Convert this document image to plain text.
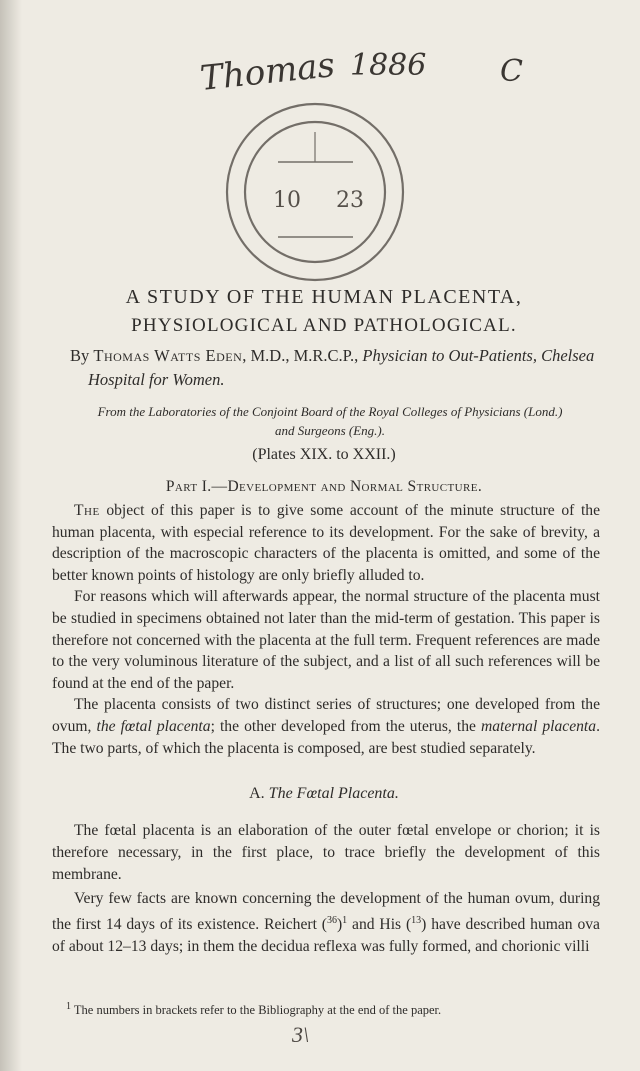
Thomas 1886 C
10 23
A STUDY OF THE HUMAN PLACENTA,
PHYSIOLOGICAL AND PATHOLOGICAL.
By Thomas Watts Eden, M.D., M.R.C.P., Physician to Out-Patients, Chelsea Hospital for Women.
From the Laboratories of the Conjoint Board of the Royal Colleges of Physicians (Lond.) and Surgeons (Eng.).
(Plates XIX. to XXII.)
Part I.—Development and Normal Structure.

The object of this paper is to give some account of the minute structure of the human placenta, with especial reference to its development. For the sake of brevity, a description of the macroscopic characters of the placenta is omitted, and some of the better known points of histology are only briefly alluded to.

For reasons which will afterwards appear, the normal structure of the placenta must be studied in specimens obtained not later than the mid-term of gestation. This paper is therefore not concerned with the placenta at the full term. Frequent references are made to the very voluminous literature of the subject, and a list of all such references will be found at the end of the paper.

The placenta consists of two distinct series of structures; one developed from the ovum, the fœtal placenta; the other developed from the uterus, the maternal placenta. The two parts, of which the placenta is composed, are best studied separately.

A. The Fœtal Placenta.

The fœtal placenta is an elaboration of the outer fœtal envelope or chorion; it is therefore necessary, in the first place, to trace briefly the development of this membrane.

Very few facts are known concerning the development of the human ovum, during the first 14 days of its existence. Reichert $(^{36})^1$ and His ($^{13}$) have described human ova of about 12–13 days; in them the decidua reflexa was fully formed, and chorionic villi

$^1$ The numbers in brackets refer to the Bibliography at the end of the paper.
3\
